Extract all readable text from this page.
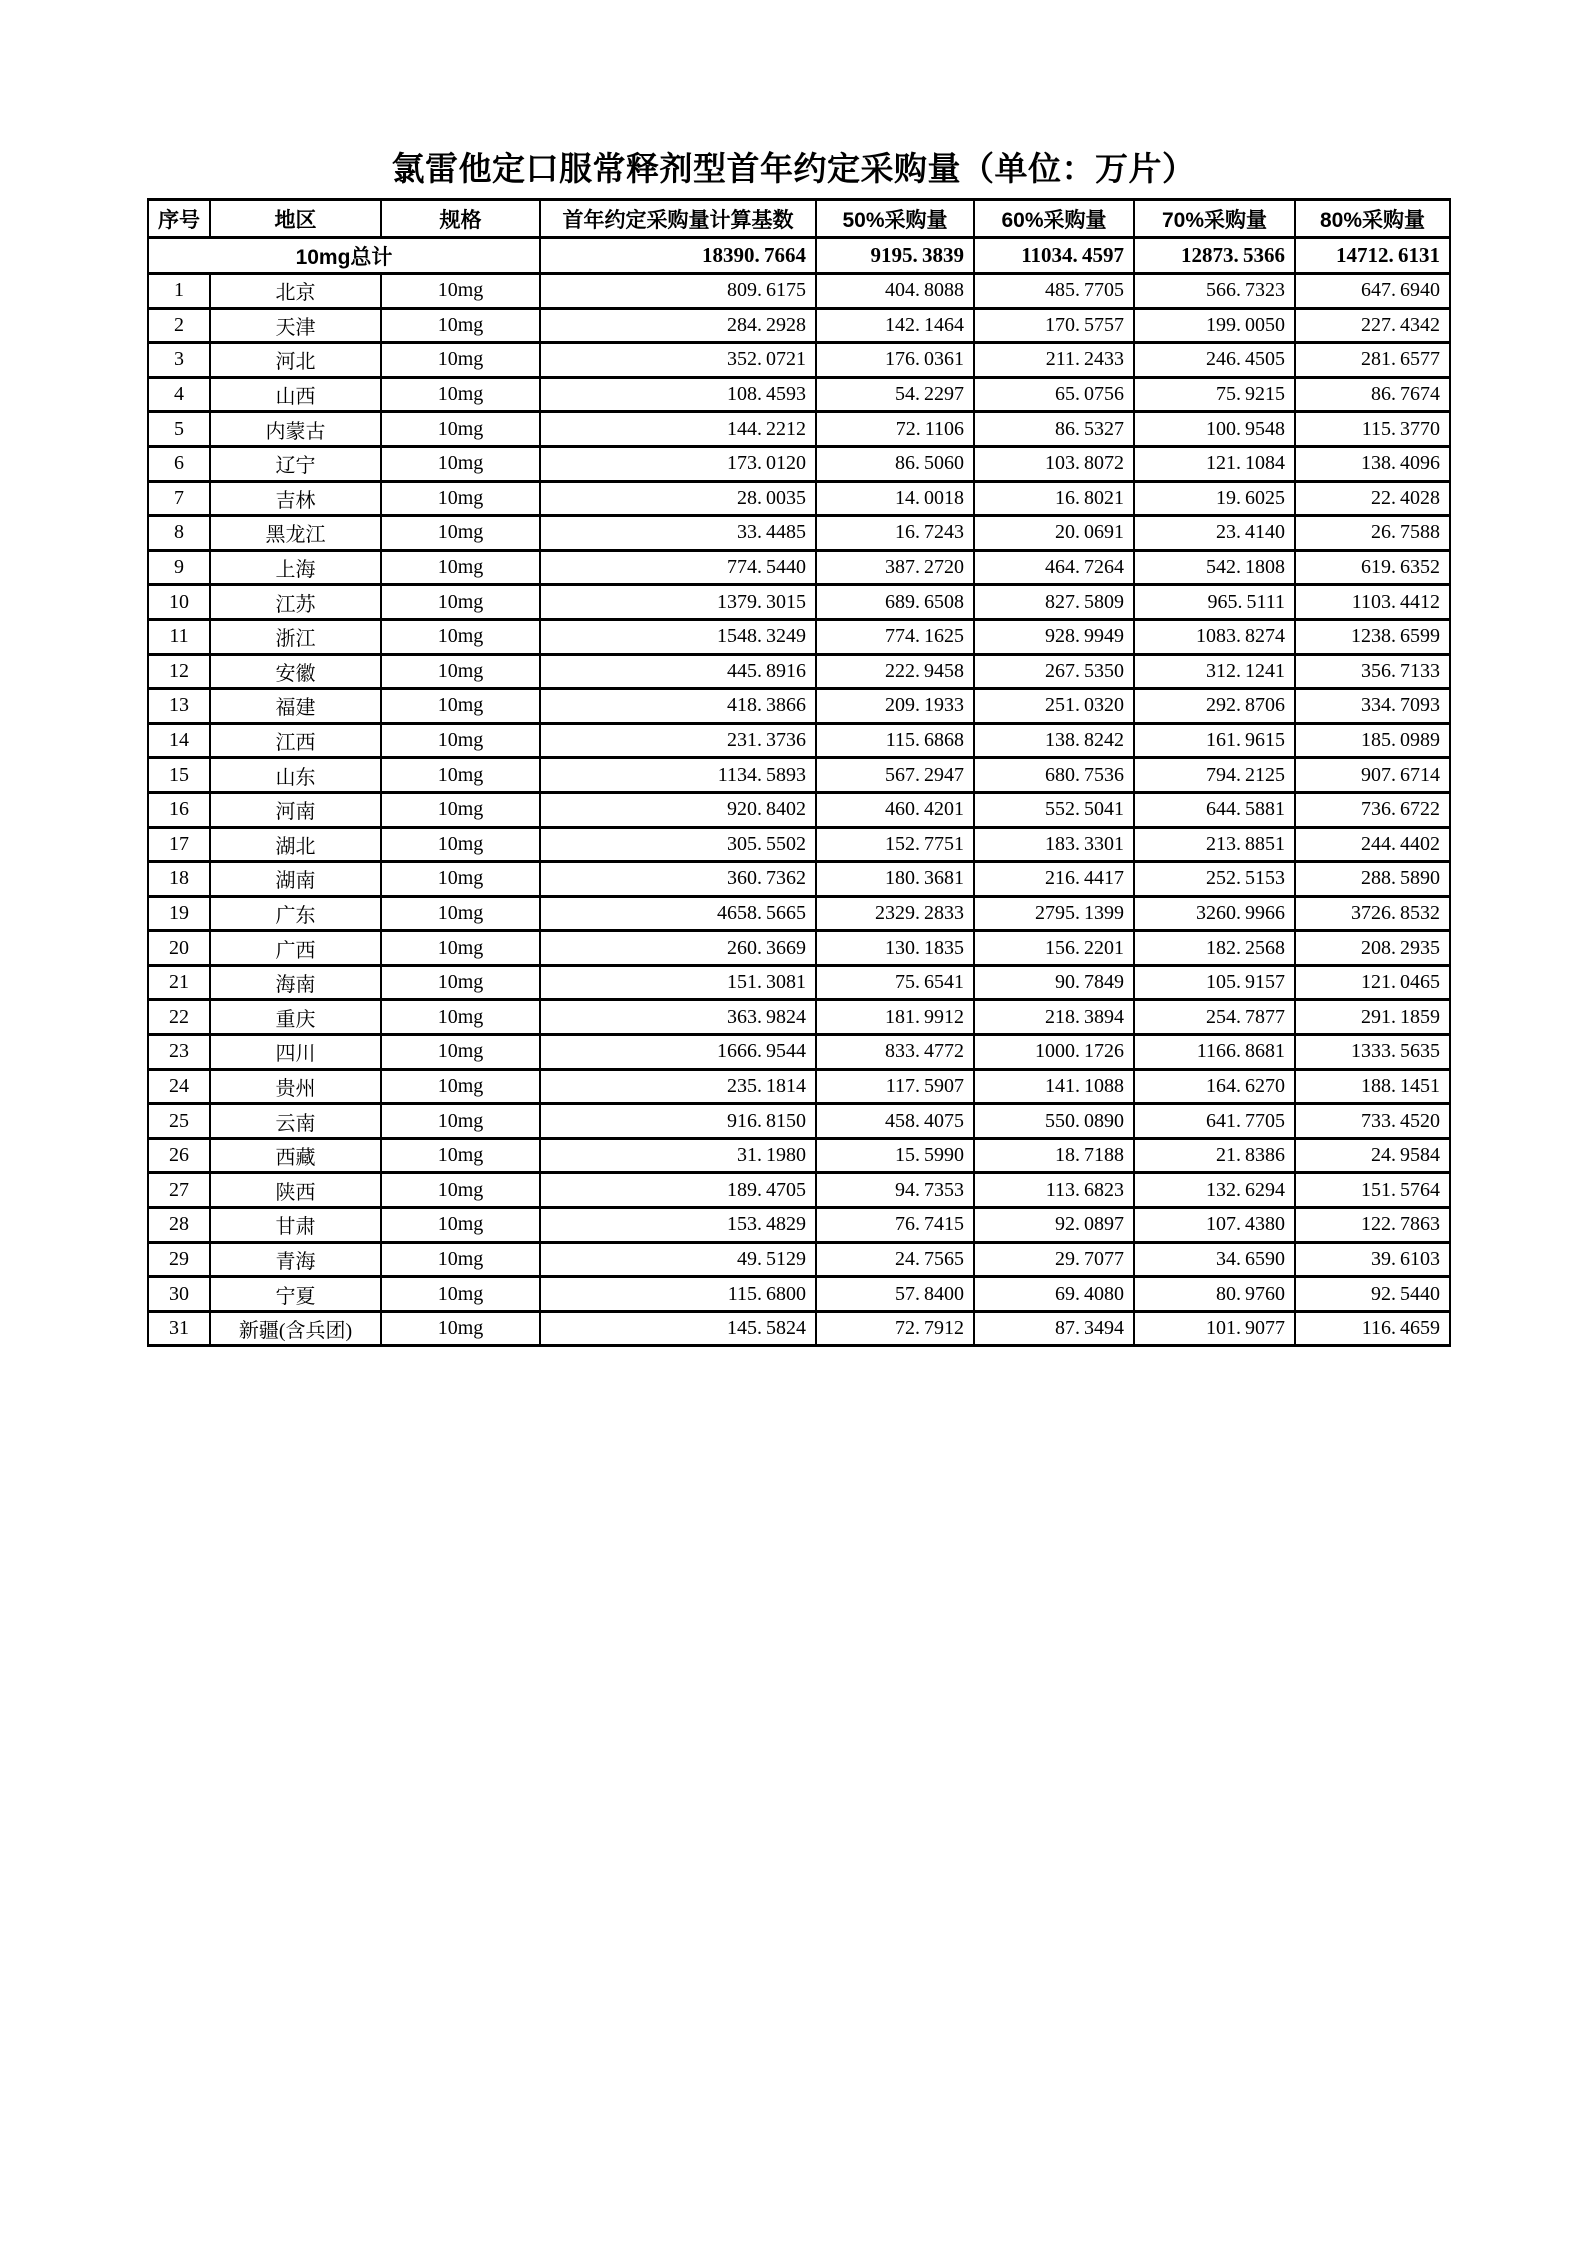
氯雷他定口服常释剂型首年约定采购量（单位：万片）
序号	地区	规格	首年约定采购量计算基数	50%采购量	60%采购量	70%采购量	80%采购量
10mg总计			18390. 7664	9195. 3839	11034. 4597	12873. 5366	14712. 6131
1	北京	10mg	809. 6175	404. 8088	485. 7705	566. 7323	647. 6940
2	天津	10mg	284. 2928	142. 1464	170. 5757	199. 0050	227. 4342
3	河北	10mg	352. 0721	176. 0361	211. 2433	246. 4505	281. 6577
4	山西	10mg	108. 4593	54. 2297	65. 0756	75. 9215	86. 7674
5	内蒙古	10mg	144. 2212	72. 1106	86. 5327	100. 9548	115. 3770
6	辽宁	10mg	173. 0120	86. 5060	103. 8072	121. 1084	138. 4096
7	吉林	10mg	28. 0035	14. 0018	16. 8021	19. 6025	22. 4028
8	黑龙江	10mg	33. 4485	16. 7243	20. 0691	23. 4140	26. 7588
9	上海	10mg	774. 5440	387. 2720	464. 7264	542. 1808	619. 6352
10	江苏	10mg	1379. 3015	689. 6508	827. 5809	965. 5111	1103. 4412
11	浙江	10mg	1548. 3249	774. 1625	928. 9949	1083. 8274	1238. 6599
12	安徽	10mg	445. 8916	222. 9458	267. 5350	312. 1241	356. 7133
13	福建	10mg	418. 3866	209. 1933	251. 0320	292. 8706	334. 7093
14	江西	10mg	231. 3736	115. 6868	138. 8242	161. 9615	185. 0989
15	山东	10mg	1134. 5893	567. 2947	680. 7536	794. 2125	907. 6714
16	河南	10mg	920. 8402	460. 4201	552. 5041	644. 5881	736. 6722
17	湖北	10mg	305. 5502	152. 7751	183. 3301	213. 8851	244. 4402
18	湖南	10mg	360. 7362	180. 3681	216. 4417	252. 5153	288. 5890
19	广东	10mg	4658. 5665	2329. 2833	2795. 1399	3260. 9966	3726. 8532
20	广西	10mg	260. 3669	130. 1835	156. 2201	182. 2568	208. 2935
21	海南	10mg	151. 3081	75. 6541	90. 7849	105. 9157	121. 0465
22	重庆	10mg	363. 9824	181. 9912	218. 3894	254. 7877	291. 1859
23	四川	10mg	1666. 9544	833. 4772	1000. 1726	1166. 8681	1333. 5635
24	贵州	10mg	235. 1814	117. 5907	141. 1088	164. 6270	188. 1451
25	云南	10mg	916. 8150	458. 4075	550. 0890	641. 7705	733. 4520
26	西藏	10mg	31. 1980	15. 5990	18. 7188	21. 8386	24. 9584
27	陕西	10mg	189. 4705	94. 7353	113. 6823	132. 6294	151. 5764
28	甘肃	10mg	153. 4829	76. 7415	92. 0897	107. 4380	122. 7863
29	青海	10mg	49. 5129	24. 7565	29. 7077	34. 6590	39. 6103
30	宁夏	10mg	115. 6800	57. 8400	69. 4080	80. 9760	92. 5440
31	新疆(含兵团)	10mg	145. 5824	72. 7912	87. 3494	101. 9077	116. 4659
